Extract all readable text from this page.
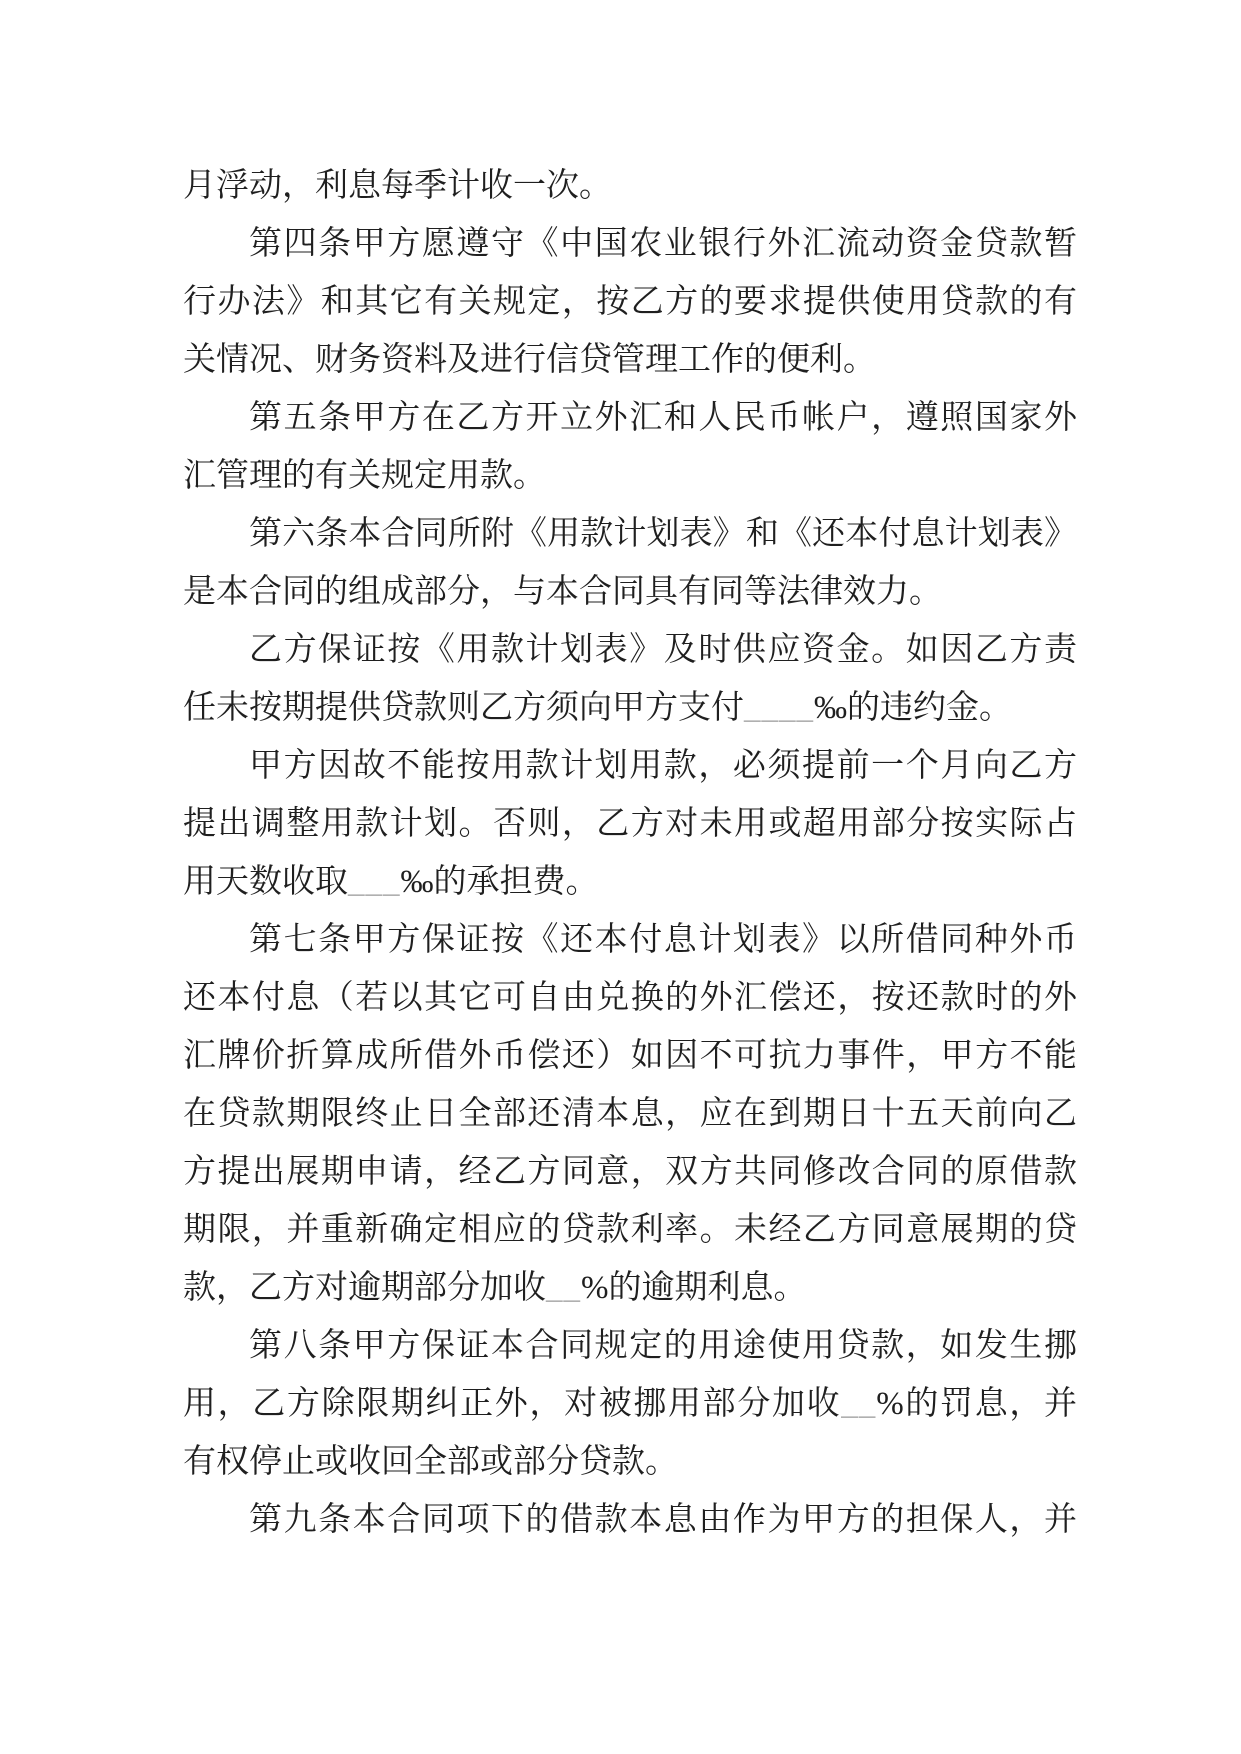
月浮动，利息每季计收一次。
第四条甲方愿遵守《中国农业银行外汇流动资金贷款暂
行办法》和其它有关规定，按乙方的要求提供使用贷款的有
关情况、财务资料及进行信贷管理工作的便利。
第五条甲方在乙方开立外汇和人民币帐户，遵照国家外
汇管理的有关规定用款。
第六条本合同所附《用款计划表》和《还本付息计划表》
是本合同的组成部分，与本合同具有同等法律效力。
乙方保证按《用款计划表》及时供应资金。如因乙方责
任未按期提供贷款则乙方须向甲方支付____‰的违约金。
甲方因故不能按用款计划用款，必须提前一个月向乙方
提出调整用款计划。否则，乙方对未用或超用部分按实际占
用天数收取___‰的承担费。
第七条甲方保证按《还本付息计划表》以所借同种外币
还本付息（若以其它可自由兑换的外汇偿还，按还款时的外
汇牌价折算成所借外币偿还）如因不可抗力事件，甲方不能
在贷款期限终止日全部还清本息，应在到期日十五天前向乙
方提出展期申请，经乙方同意，双方共同修改合同的原借款
期限，并重新确定相应的贷款利率。未经乙方同意展期的贷
款，乙方对逾期部分加收__%的逾期利息。
第八条甲方保证本合同规定的用途使用贷款，如发生挪
用，乙方除限期纠正外，对被挪用部分加收__%的罚息，并
有权停止或收回全部或部分贷款。
第九条本合同项下的借款本息由作为甲方的担保人，并
